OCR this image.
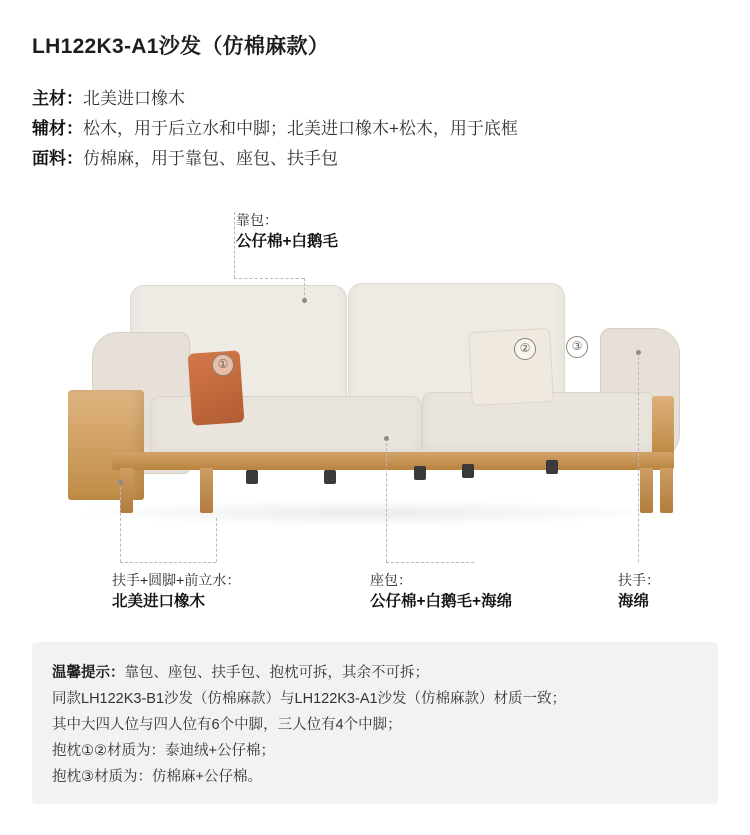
LH122K3-A1沙发（仿棉麻款）
主材：北美进口橡木
辅材：松木，用于后立水和中脚；北美进口橡木+松木，用于底框
面料：仿棉麻，用于靠包、座包、扶手包
①
②	③
靠包：
公仔棉+白鹅毛
扶手+圆脚+前立水：
北美进口橡木
座包：
公仔棉+白鹅毛+海绵
扶手：
海绵
温馨提示：靠包、座包、扶手包、抱枕可拆，其余不可拆；
同款LH122K3-B1沙发（仿棉麻款）与LH122K3-A1沙发（仿棉麻款）材质一致；
其中大四人位与四人位有6个中脚，三人位有4个中脚；
抱枕①②材质为：泰迪绒+公仔棉；
抱枕③材质为：仿棉麻+公仔棉。
